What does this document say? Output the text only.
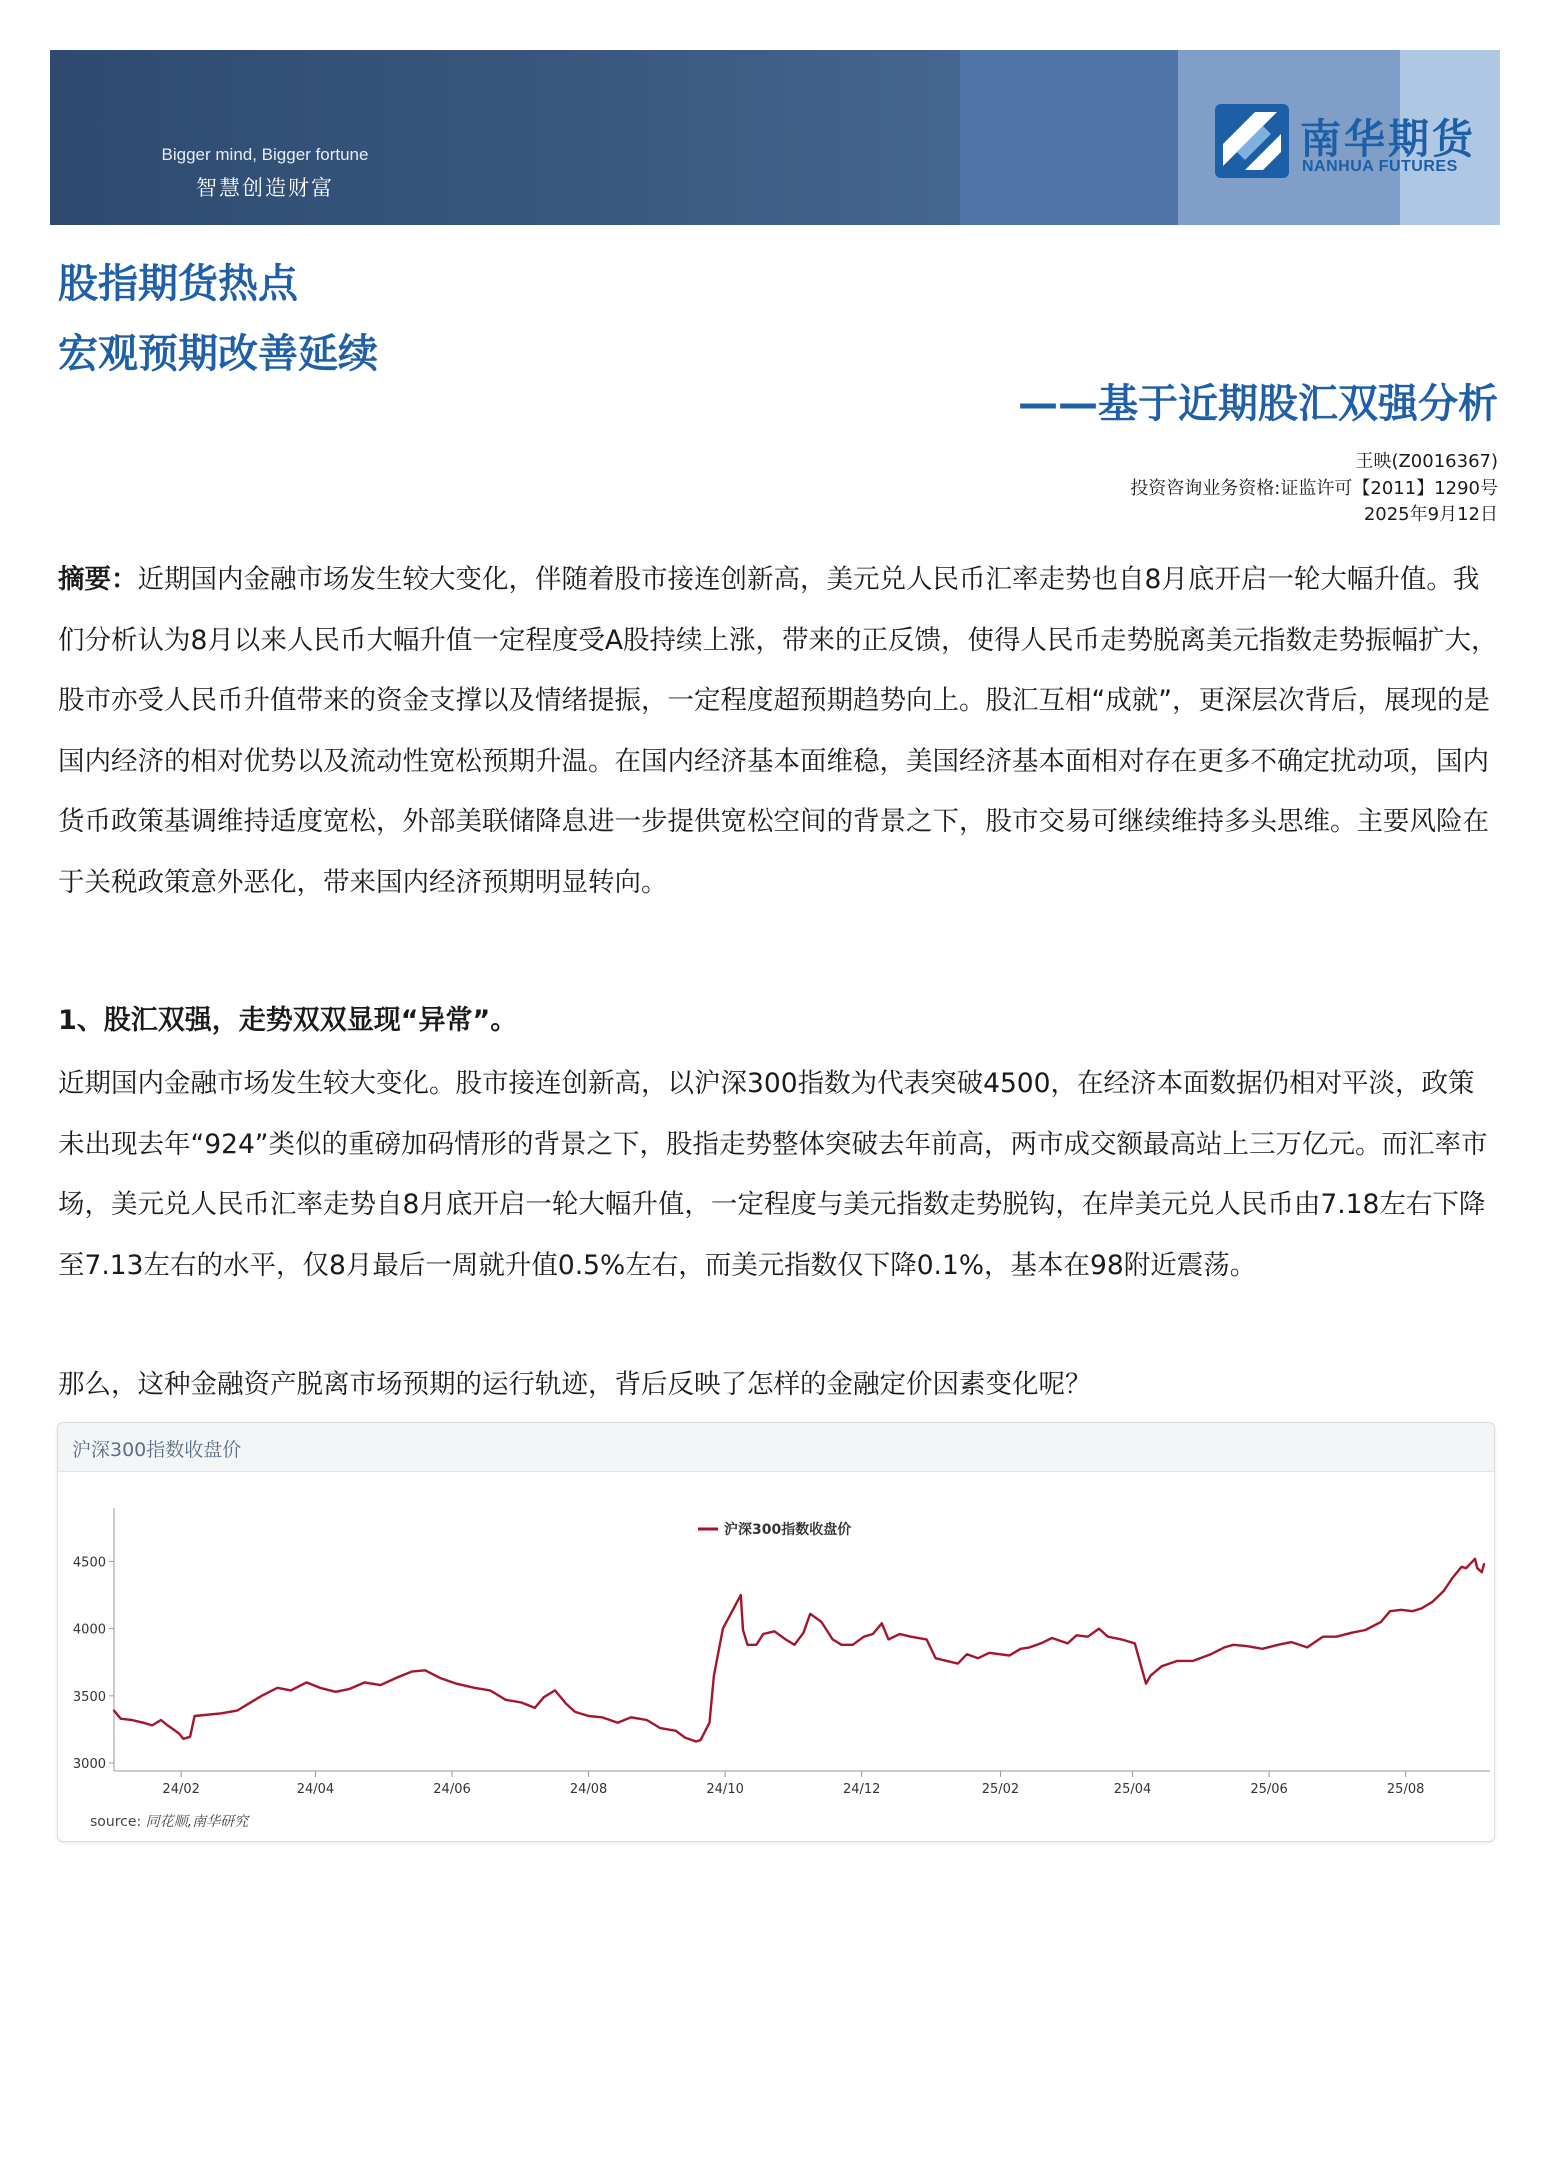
Bigger mind, Bigger fortune
智慧创造财富
南华期货
NANHUA FUTURES
股指期货热点
宏观预期改善延续
——基于近期股汇双强分析
王映(Z0016367)
投资咨询业务资格:证监许可【2011】1290号
2025年9月12日

摘要：近期国内金融市场发生较大变化，伴随着股市接连创新高，美元兑人民币汇率走势也自8月底开启一轮大幅升值。我们分析认为8月以来人民币大幅升值一定程度受A股持续上涨，带来的正反馈，使得人民币走势脱离美元指数走势振幅扩大，股市亦受人民币升值带来的资金支撑以及情绪提振，一定程度超预期趋势向上。股汇互相“成就”，更深层次背后，展现的是国内经济的相对优势以及流动性宽松预期升温。在国内经济基本面维稳，美国经济基本面相对存在更多不确定扰动项，国内货币政策基调维持适度宽松，外部美联储降息进一步提供宽松空间的背景之下，股市交易可继续维持多头思维。主要风险在于关税政策意外恶化，带来国内经济预期明显转向。

1、股汇双强，走势双双显现“异常”。

近期国内金融市场发生较大变化。股市接连创新高，以沪深300指数为代表突破4500，在经济本面数据仍相对平淡，政策未出现去年“924”类似的重磅加码情形的背景之下，股指走势整体突破去年前高，两市成交额最高站上三万亿元。而汇率市场，美元兑人民币汇率走势自8月底开启一轮大幅升值，一定程度与美元指数走势脱钩，在岸美元兑人民币由7.18左右下降至7.13左右的水平，仅8月最后一周就升值0.5%左右，而美元指数仅下降0.1%，基本在98附近震荡。

那么，这种金融资产脱离市场预期的运行轨迹，背后反映了怎样的金融定价因素变化呢？
沪深300指数收盘价
3000
3500
4000
4500
24/02	24/04	24/06	24/08	24/10	24/12	25/02	25/04	25/06	25/08
沪深300指数收盘价
source: 同花顺,南华研究
